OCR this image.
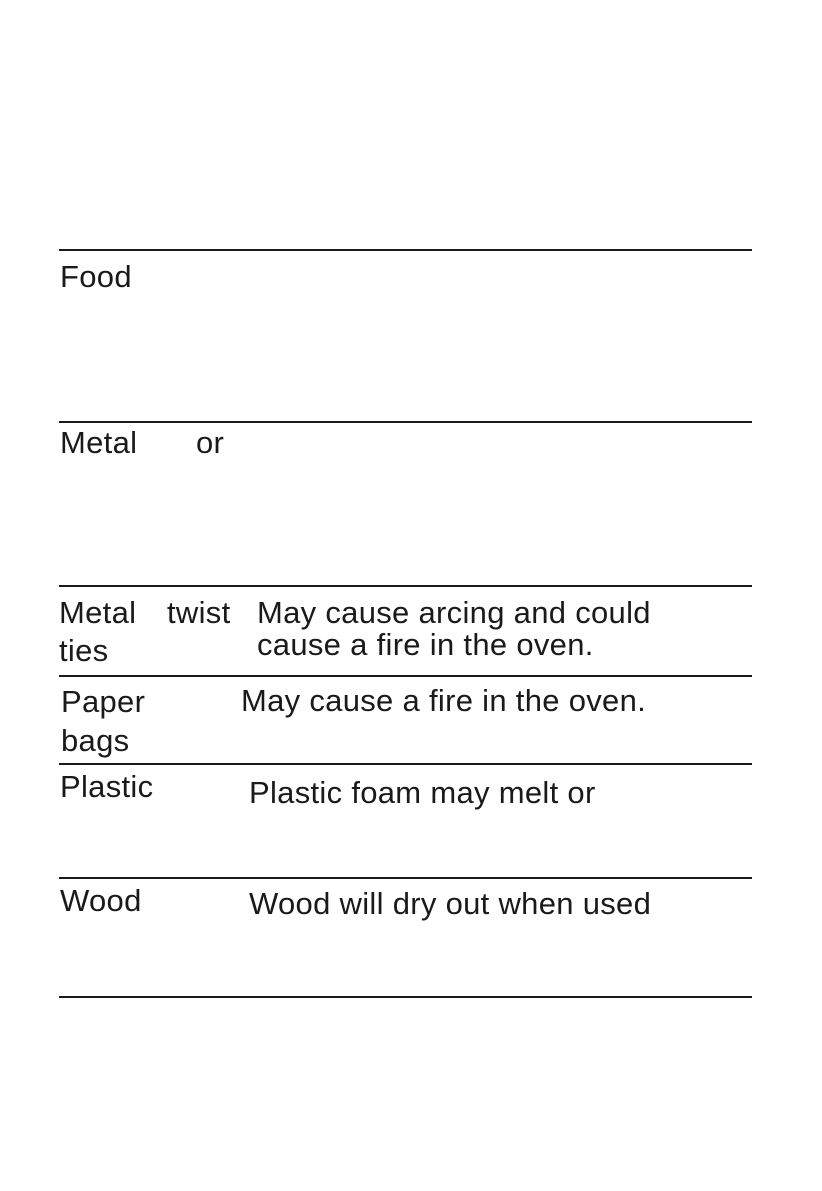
Food
Metal or
Metal twist
ties
May cause arcing and could
cause a fire in the oven.
Paper
bags
May cause a fire in the oven.
Plastic	Plastic foam may melt or
Wood	Wood will dry out when used
